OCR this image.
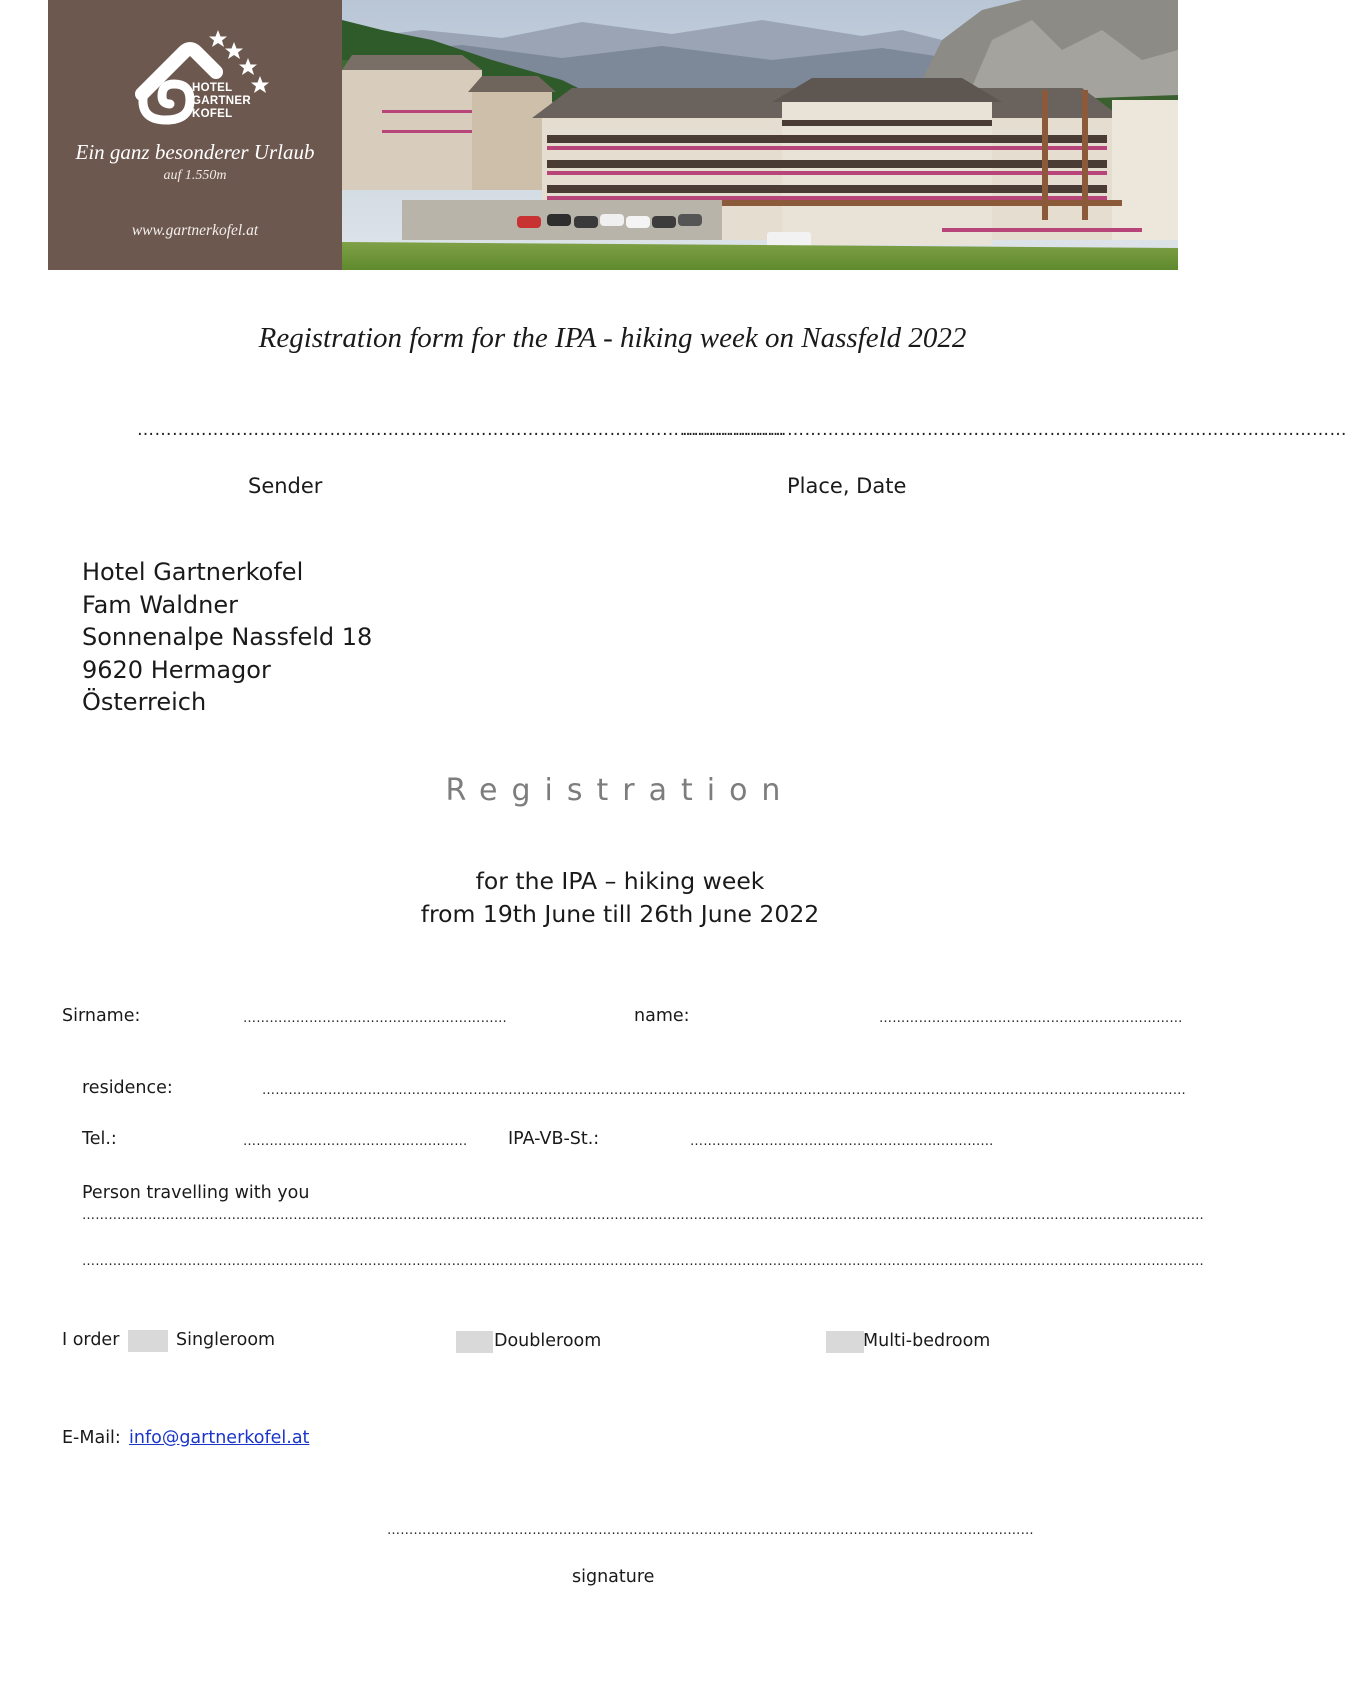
HOTEL
GARTNER
KOFEL
Ein ganz besonderer Urlaub
auf 1.550m
www.gartnerkofel.at
Registration form for the IPA - hiking week on Nassfeld 2022
…………………………………………………………………………………………………
Sender
……………………………………………………………………………………………………
Place, Date
Hotel Gartnerkofel
Fam Waldner
Sonnenalpe Nassfeld 18
9620 Hermagor
Österreich
Registration
for the IPA – hiking week
from 19th June till 26th June 2022
Sirname:	……………………………………………………	name:	……………………………………………………………
residence:	…………………………………………………………………………………………………………………………………………………………………………………………
Tel.:	…………………………………………… IPA-VB-St.:	……………………………………………………………
Person travelling with you
…………………………………………………………………………………………………………………………………………………………………………………………………………………………………
…………………………………………………………………………………………………………………………………………………………………………………………………………………………………
I order	Singleroom	Doubleroom	Multi-bedroom
E-Mail: info@gartnerkofel.at
…………………………………………………………………………………………………………………………………
signature
